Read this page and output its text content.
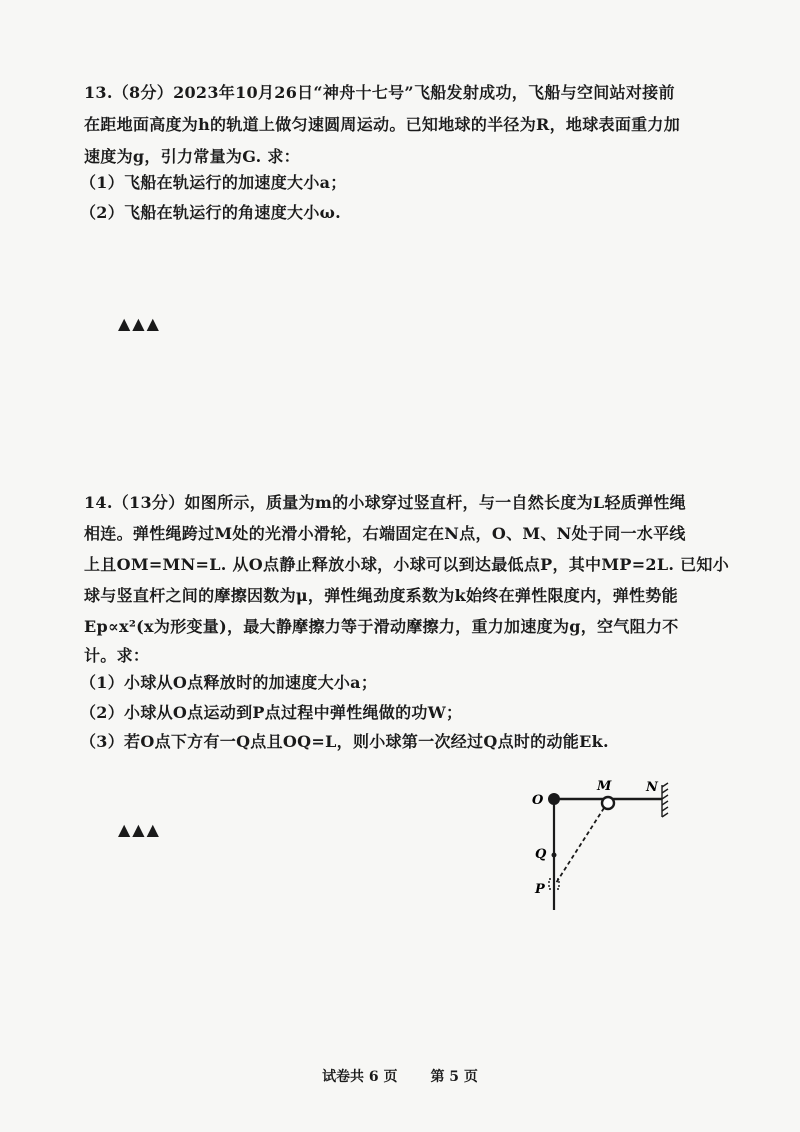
13.（8分）2023年10月26日“神舟十七号”飞船发射成功，飞船与空间站对接前
在距地面高度为h的轨道上做匀速圆周运动。已知地球的半径为R，地球表面重力加
速度为g，引力常量为G. 求：
（1）飞船在轨运行的加速度大小a；
（2）飞船在轨运行的角速度大小ω.
▲▲▲
14.（13分）如图所示，质量为m的小球穿过竖直杆，与一自然长度为L轻质弹性绳
相连。弹性绳跨过M处的光滑小滑轮，右端固定在N点，O、M、N处于同一水平线
上且OM=MN=L. 从O点静止释放小球，小球可以到达最低点P，其中MP=2L. 已知小
球与竖直杆之间的摩擦因数为μ，弹性绳劲度系数为k始终在弹性限度内，弹性势能
Ep∝x²(x为形变量)，最大静摩擦力等于滑动摩擦力，重力加速度为g，空气阻力不
计。求：
（1）小球从O点释放时的加速度大小a；
（2）小球从O点运动到P点过程中弹性绳做的功W；
（3）若O点下方有一Q点且OQ=L，则小球第一次经过Q点时的动能Ek.
▲▲▲
O
M	N
Q
P
试卷共 6 页 第 5 页
